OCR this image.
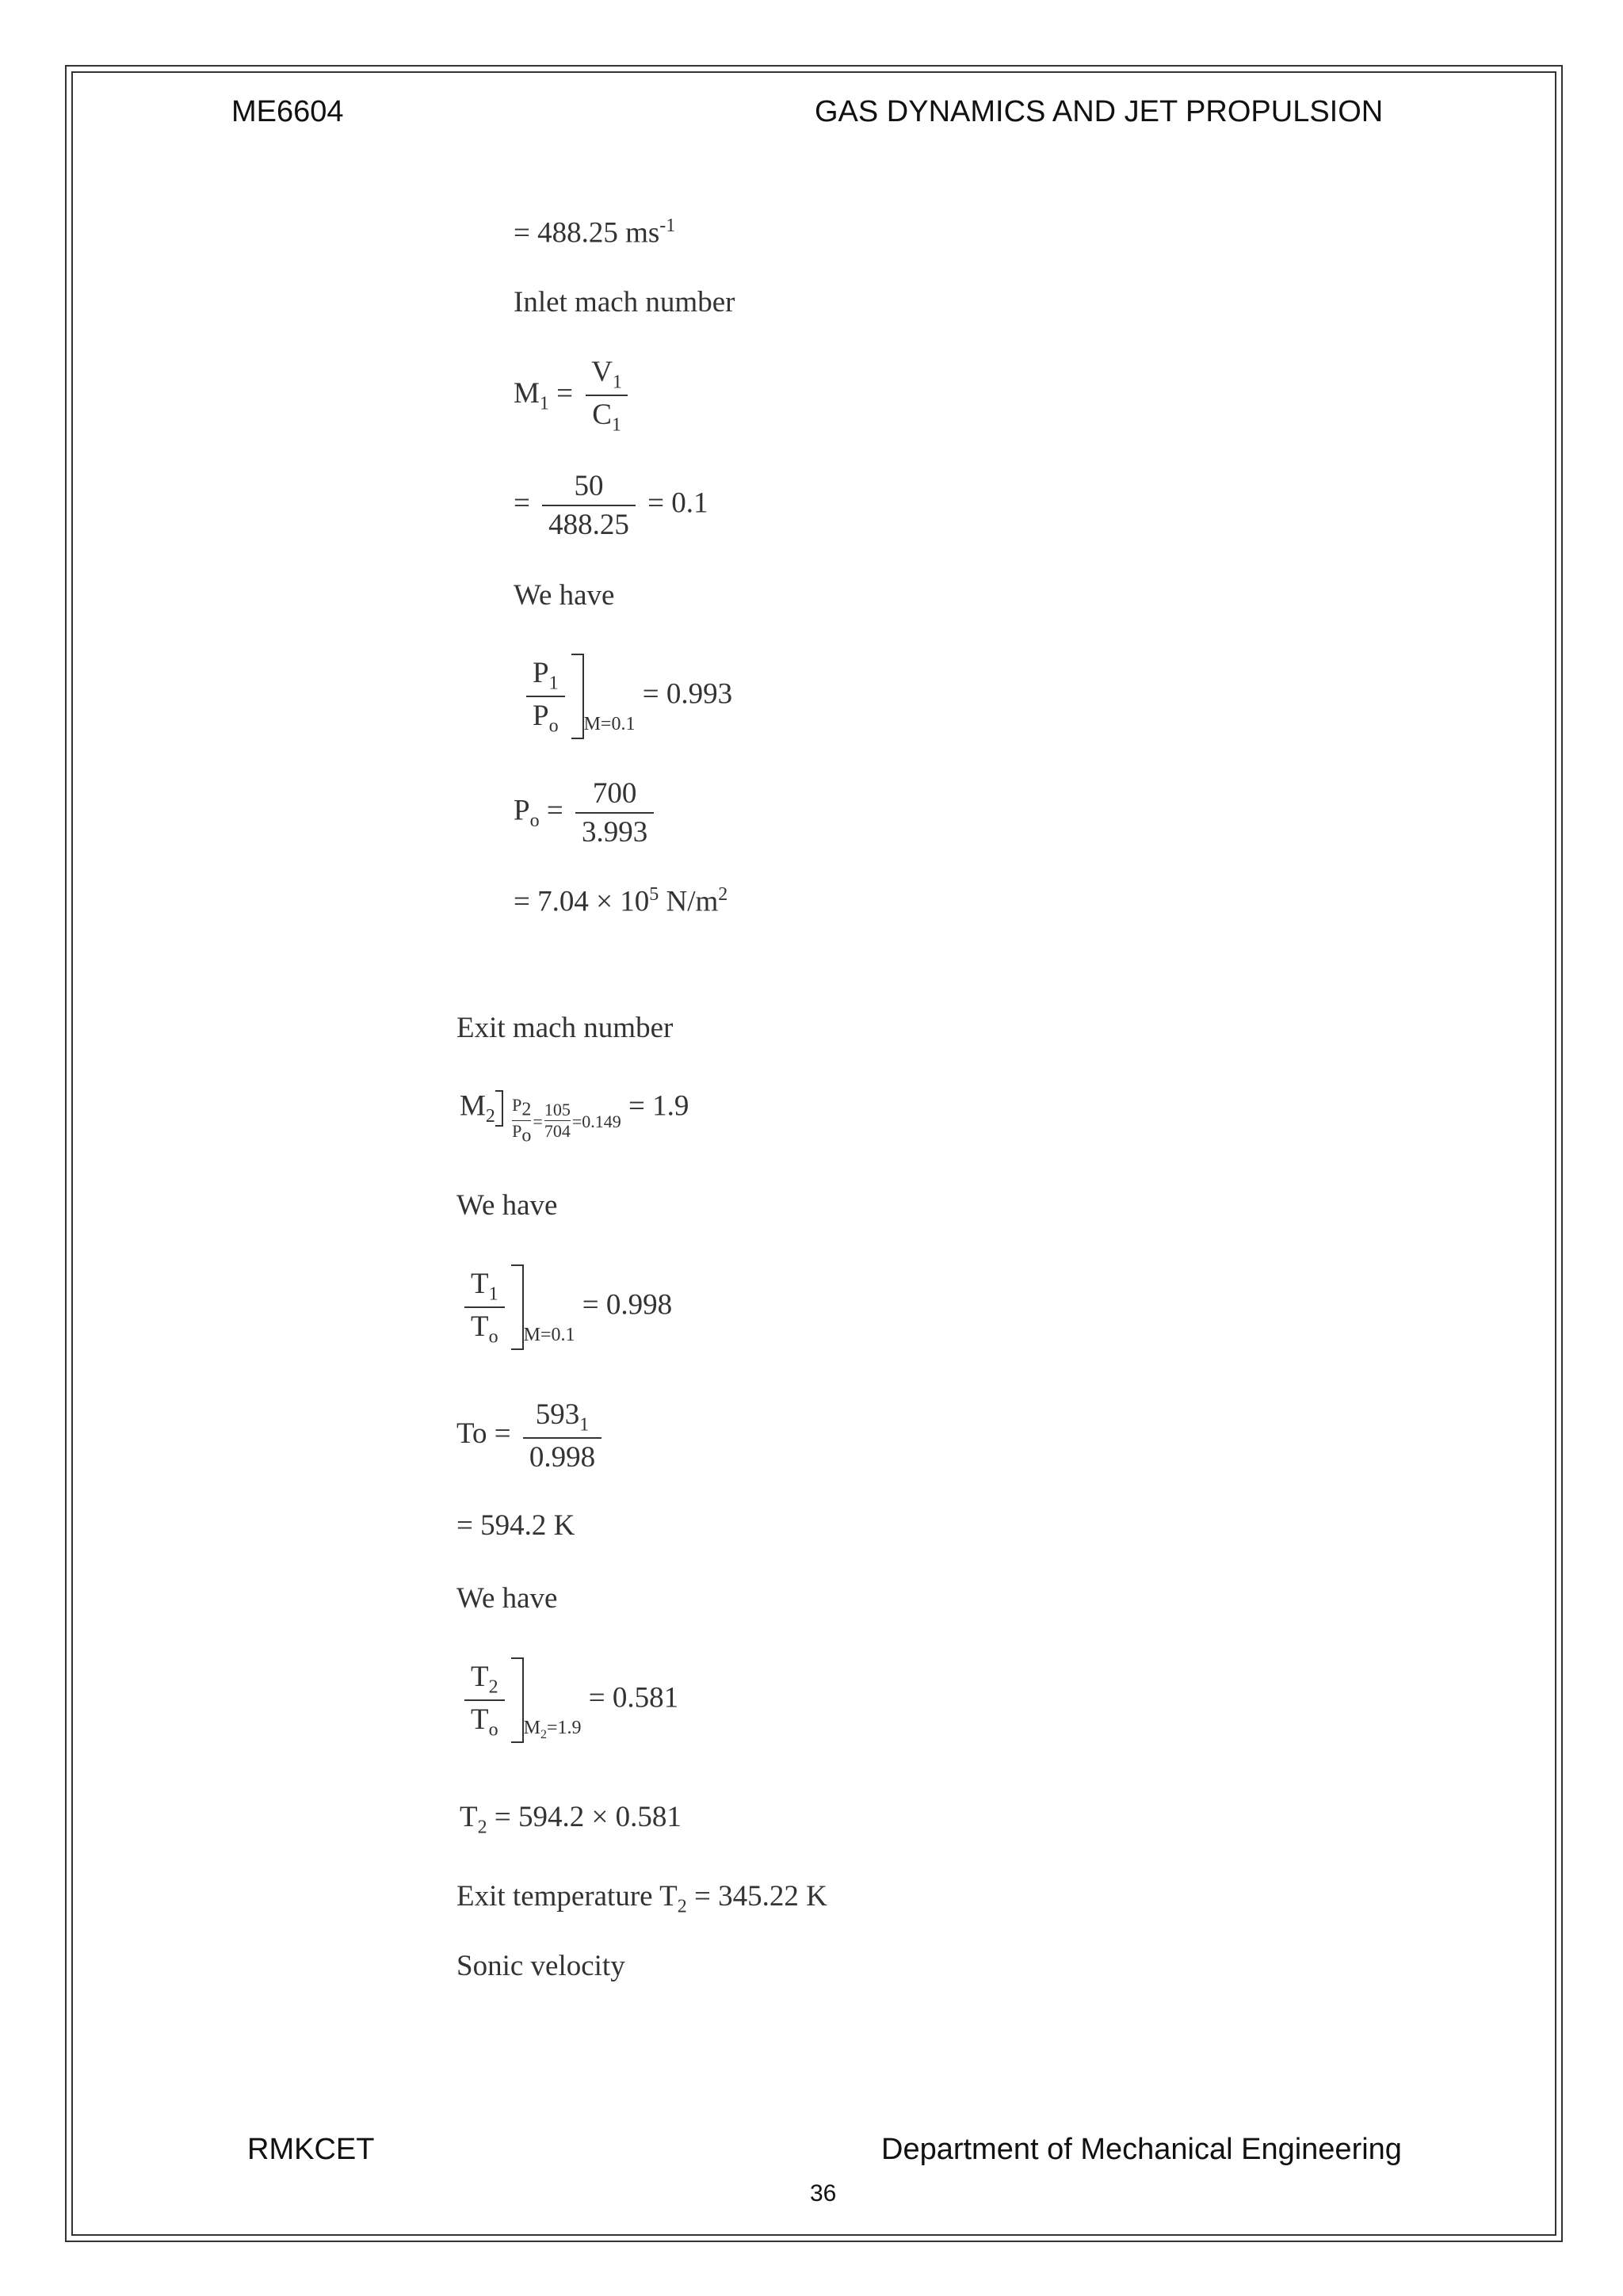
ME6604	GAS DYNAMICS AND JET PROPULSION
= 488.25 $ms^{-1}$
Inlet mach number
$M_1 = \frac{V_1}{C_1}$
= $\frac{50}{488.25} = 0.1$
We have
$\frac{P_1}{P_o} _{M=0.1} = 0.993$
$P_o = \frac{700}{3.993}$
= $7.04 \times 10^5$ $N/m^2$
Exit mach number
$M_2 \frac{P_2}{P_o} _= \frac{105}{704} _{=0.149} = 1.9$
We have
$\frac{T_1}{T_o} _{M=0.1} = 0.998$
$To = \frac{593_1}{0.998}$
= 594.2 K
We have
$\frac{T_2}{T_o} _{M_2=1.9} = 0.581$
$T_2 = 594.2 \times 0.581$
Exit temperature $T_2 = 345.22$ K
Sonic velocity
RMKCET	Department of Mechanical Engineering
36
